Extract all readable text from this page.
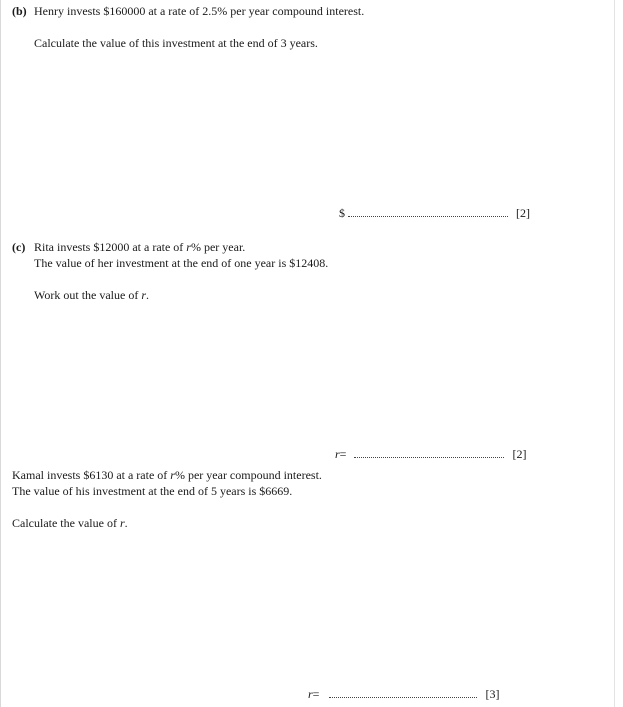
(b) Henry invests $160000 at a rate of 2.5% per year compound interest.
Calculate the value of this investment at the end of 3 years.
$	[2]
(c) Rita invests $12000 at a rate of r% per year.
The value of her investment at the end of one year is $12408.
Work out the value of r.
r =	[2]
Kamal invests $6130 at a rate of r% per year compound interest.
The value of his investment at the end of 5 years is $6669.
Calculate the value of r.
r =	[3]
